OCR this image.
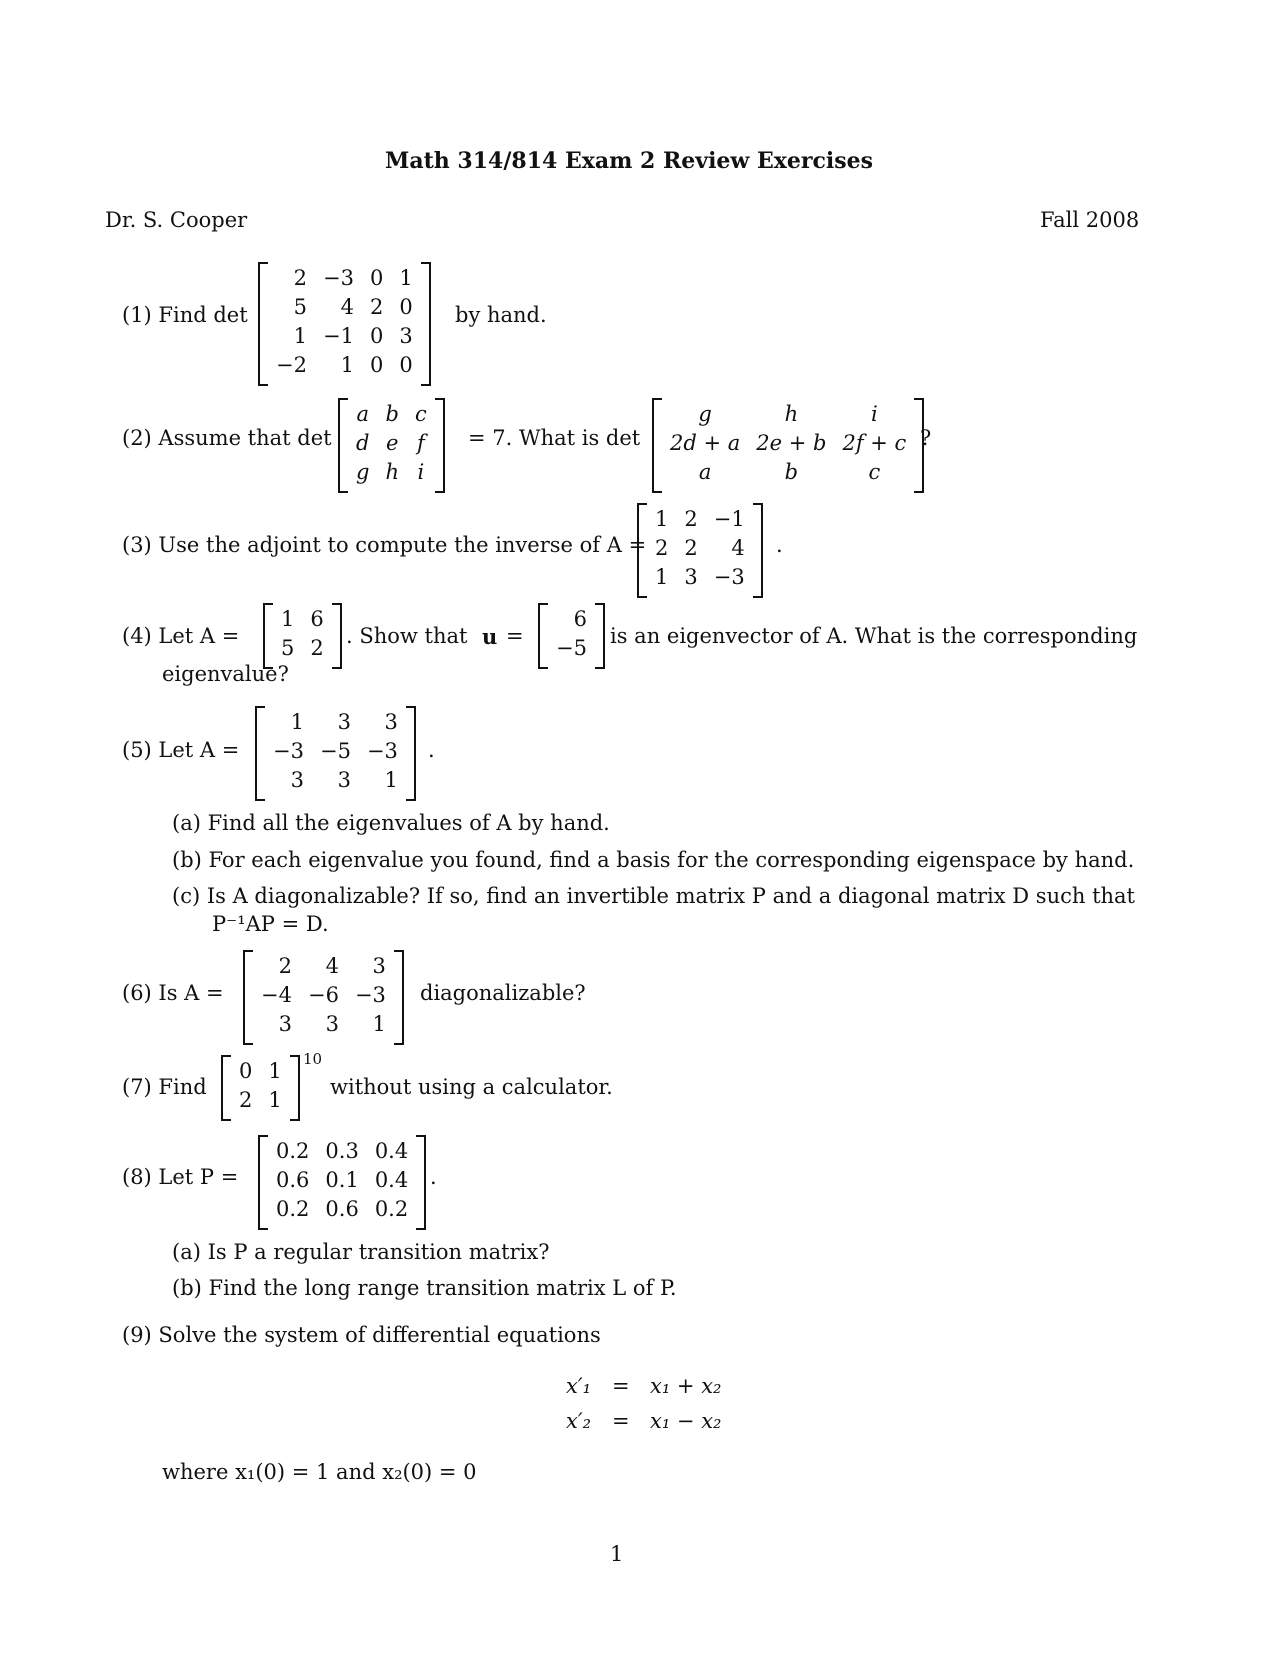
Math 314/814 Exam 2 Review Exercises
Dr. S. Cooper	Fall 2008
(1) Find det
2	−3	0	1
5	4	2	0
1	−1	0	3
−2	1	0	0
by hand.
(2) Assume that det
a	b	c
d	e	f
g	h	i
= 7. What is det
g	h	i
2d + a	2e + b	2f + c
a	b	c
?
(3) Use the adjoint to compute the inverse of A =
1	2	−1
2	2	4
1	3	−3
.
(4) Let A =
1	6
5	2 . Show that u =
6
−5 is an eigenvector of A. What is the corresponding
eigenvalue?
(5) Let A =
1	3	3
−3	−5	−3
3	3	1
.
(a) Find all the eigenvalues of A by hand.
(b) For each eigenvalue you found, find a basis for the corresponding eigenspace by hand.
(c) Is A diagonalizable? If so, find an invertible matrix P and a diagonal matrix D such that
P⁻¹AP = D.
(6) Is A =
2	4	3
−4	−6	−3
3	3	1
diagonalizable?
(7) Find
0	1
2	1
10
without using a calculator.
(8) Let P =
0.2	0.3	0.4
0.6	0.1	0.4
0.2	0.6	0.2
.
(a) Is P a regular transition matrix?
(b) Find the long range transition matrix L of P.
(9) Solve the system of differential equations
x′₁ = x₁ + x₂
x′₂ = x₁ − x₂
where x₁(0) = 1 and x₂(0) = 0
1
